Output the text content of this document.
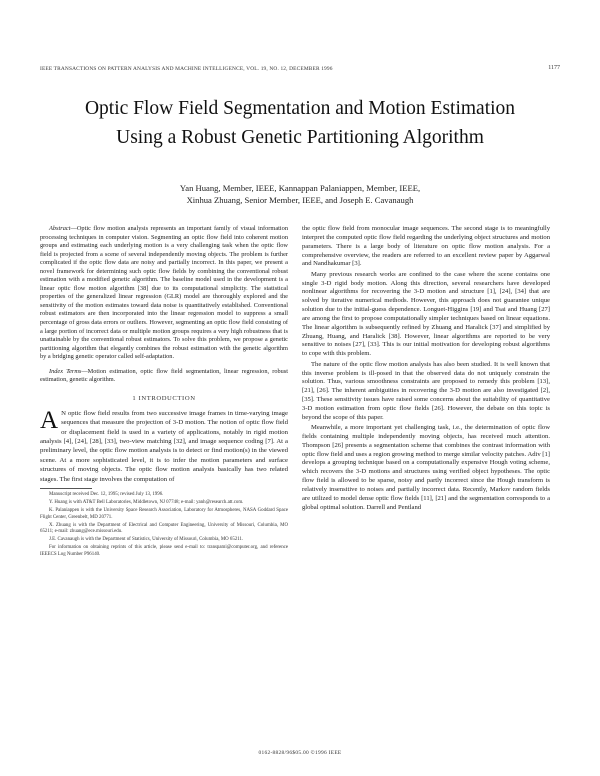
IEEE TRANSACTIONS ON PATTERN ANALYSIS AND MACHINE INTELLIGENCE, VOL. 19, NO. 12, DECEMBER 1996	1177
Optic Flow Field Segmentation and Motion Estimation Using a Robust Genetic Partitioning Algorithm
Yan Huang, Member, IEEE, Kannappan Palaniappen, Member, IEEE,
Xinhua Zhuang, Senior Member, IEEE, and Joseph E. Cavanaugh

Abstract—Optic flow motion analysis represents an important family of visual information processing techniques in computer vision. Segmenting an optic flow field into coherent motion groups and estimating each underlying motion is a very challenging task when the optic flow field is projected from a scene of several independently moving objects. The problem is further complicated if the optic flow data are noisy and partially incorrect. In this paper, we present a novel framework for determining such optic flow fields by combining the conventional robust estimation with a modified genetic algorithm. The baseline model used in the development is a linear optic flow motion algorithm [38] due to its computational simplicity. The statistical properties of the generalized linear regression (GLR) model are thoroughly explored and the sensitivity of the motion estimates toward data noise is quantitatively established. Conventional robust estimators are then incorporated into the linear regression model to suppress a small percentage of gross data errors or outliers. However, segmenting an optic flow field consisting of a large portion of incorrect data or multiple motion groups requires a very high robustness that is unattainable by the conventional robust estimators. To solve this problem, we propose a genetic partitioning algorithm that elegantly combines the robust estimation with the genetic algorithm by a bridging genetic operator called self-adaptation.

Index Terms—Motion estimation, optic flow field segmentation, linear regression, robust estimation, genetic algorithm.

1 INTRODUCTION
A N optic flow field results from two successive image frames in time-varying image sequences that measure the projection of 3-D motion. The notion of optic flow field or displacement field is used in a variety of applications, notably in rigid motion analysis [4], [24], [28], [33], two-view matching [32], and image sequence coding [7]. At a preliminary level, the optic flow motion analysis is to detect or find motion(s) in the viewed scene. At a more sophisticated level, it is to infer the motion parameters and surface structures of moving objects. The optic flow motion analysis basically has two related stages. The first stage involves the computation of

Manuscript received Dec. 12, 1995; revised July 13, 1996.

Y. Huang is with AT&T Bell Laboratories, Middletown, NJ 07748; e-mail: yanh@research.att.com.

K. Palaniappen is with the University Space Research Association, Laboratory for Atmospheres, NASA Goddard Space Flight Center, Greenbelt, MD 20771.

X. Zhuang is with the Department of Electrical and Computer Engineering, University of Missouri, Columbia, MO 65211; e-mail: zhuang@ece.missouri.edu.

J.E. Cavanaugh is with the Department of Statistics, University of Missouri, Columbia, MO 65211.

For information on obtaining reprints of this article, please send e-mail to: transpami@computer.org, and reference IEEECS Log Number P96140.

the optic flow field from monocular image sequences. The second stage is to meaningfully interpret the computed optic flow field regarding the underlying object structures and motion parameters. There is a large body of literature on optic flow motion analysis. For a comprehensive overview, the readers are referred to an excellent review paper by Aggarwal and Nandhakumar [3].

Many previous research works are confined to the case where the scene contains one single 3-D rigid body motion. Along this direction, several researchers have developed nonlinear algorithms for recovering the 3-D motion and structure [1], [24], [34] that are solved by iterative numerical methods. However, this approach does not guarantee unique solution due to the initial-guess dependence. Longuet-Higgins [19] and Tsai and Huang [27] are among the first to propose computationally simpler techniques based on linear equations. The linear algorithm is subsequently refined by Zhuang and Haralick [37] and simplified by Zhuang, Huang, and Haralick [38]. However, linear algorithms are reported to be very sensitive to noises [27], [33]. This is our initial motivation for developing robust algorithms to cope with this problem.

The nature of the optic flow motion analysis has also been studied. It is well known that this inverse problem is ill-posed in that the observed data do not uniquely constrain the solution. Thus, various smoothness constraints are proposed to remedy this problem [13], [21], [26]. The inherent ambiguities in recovering the 3-D motion are also investigated [2], [35]. These sensitivity issues have raised some concerns about the suitability of quantitative 3-D motion estimation from optic flow fields [26]. However, the debate on this topic is beyond the scope of this paper.

Meanwhile, a more important yet challenging task, i.e., the determination of optic flow fields containing multiple independently moving objects, has received much attention. Thompson [26] presents a segmentation scheme that combines the contrast information with optic flow field and uses a region growing method to merge similar velocity patches. Adiv [1] develops a grouping technique based on a computationally expensive Hough voting scheme, which recovers the 3-D motions and structures using verified object hypotheses. The optic flow field is allowed to be sparse, noisy and partly incorrect since the Hough transform is relatively insensitive to noises and partially incorrect data. Recently, Markov random fields are utilized to model dense optic flow fields [11], [21] and the segmentation corresponds to a global optimal solution. Darrell and Pentland

0162-8828/96$05.00 ©1996 IEEE
